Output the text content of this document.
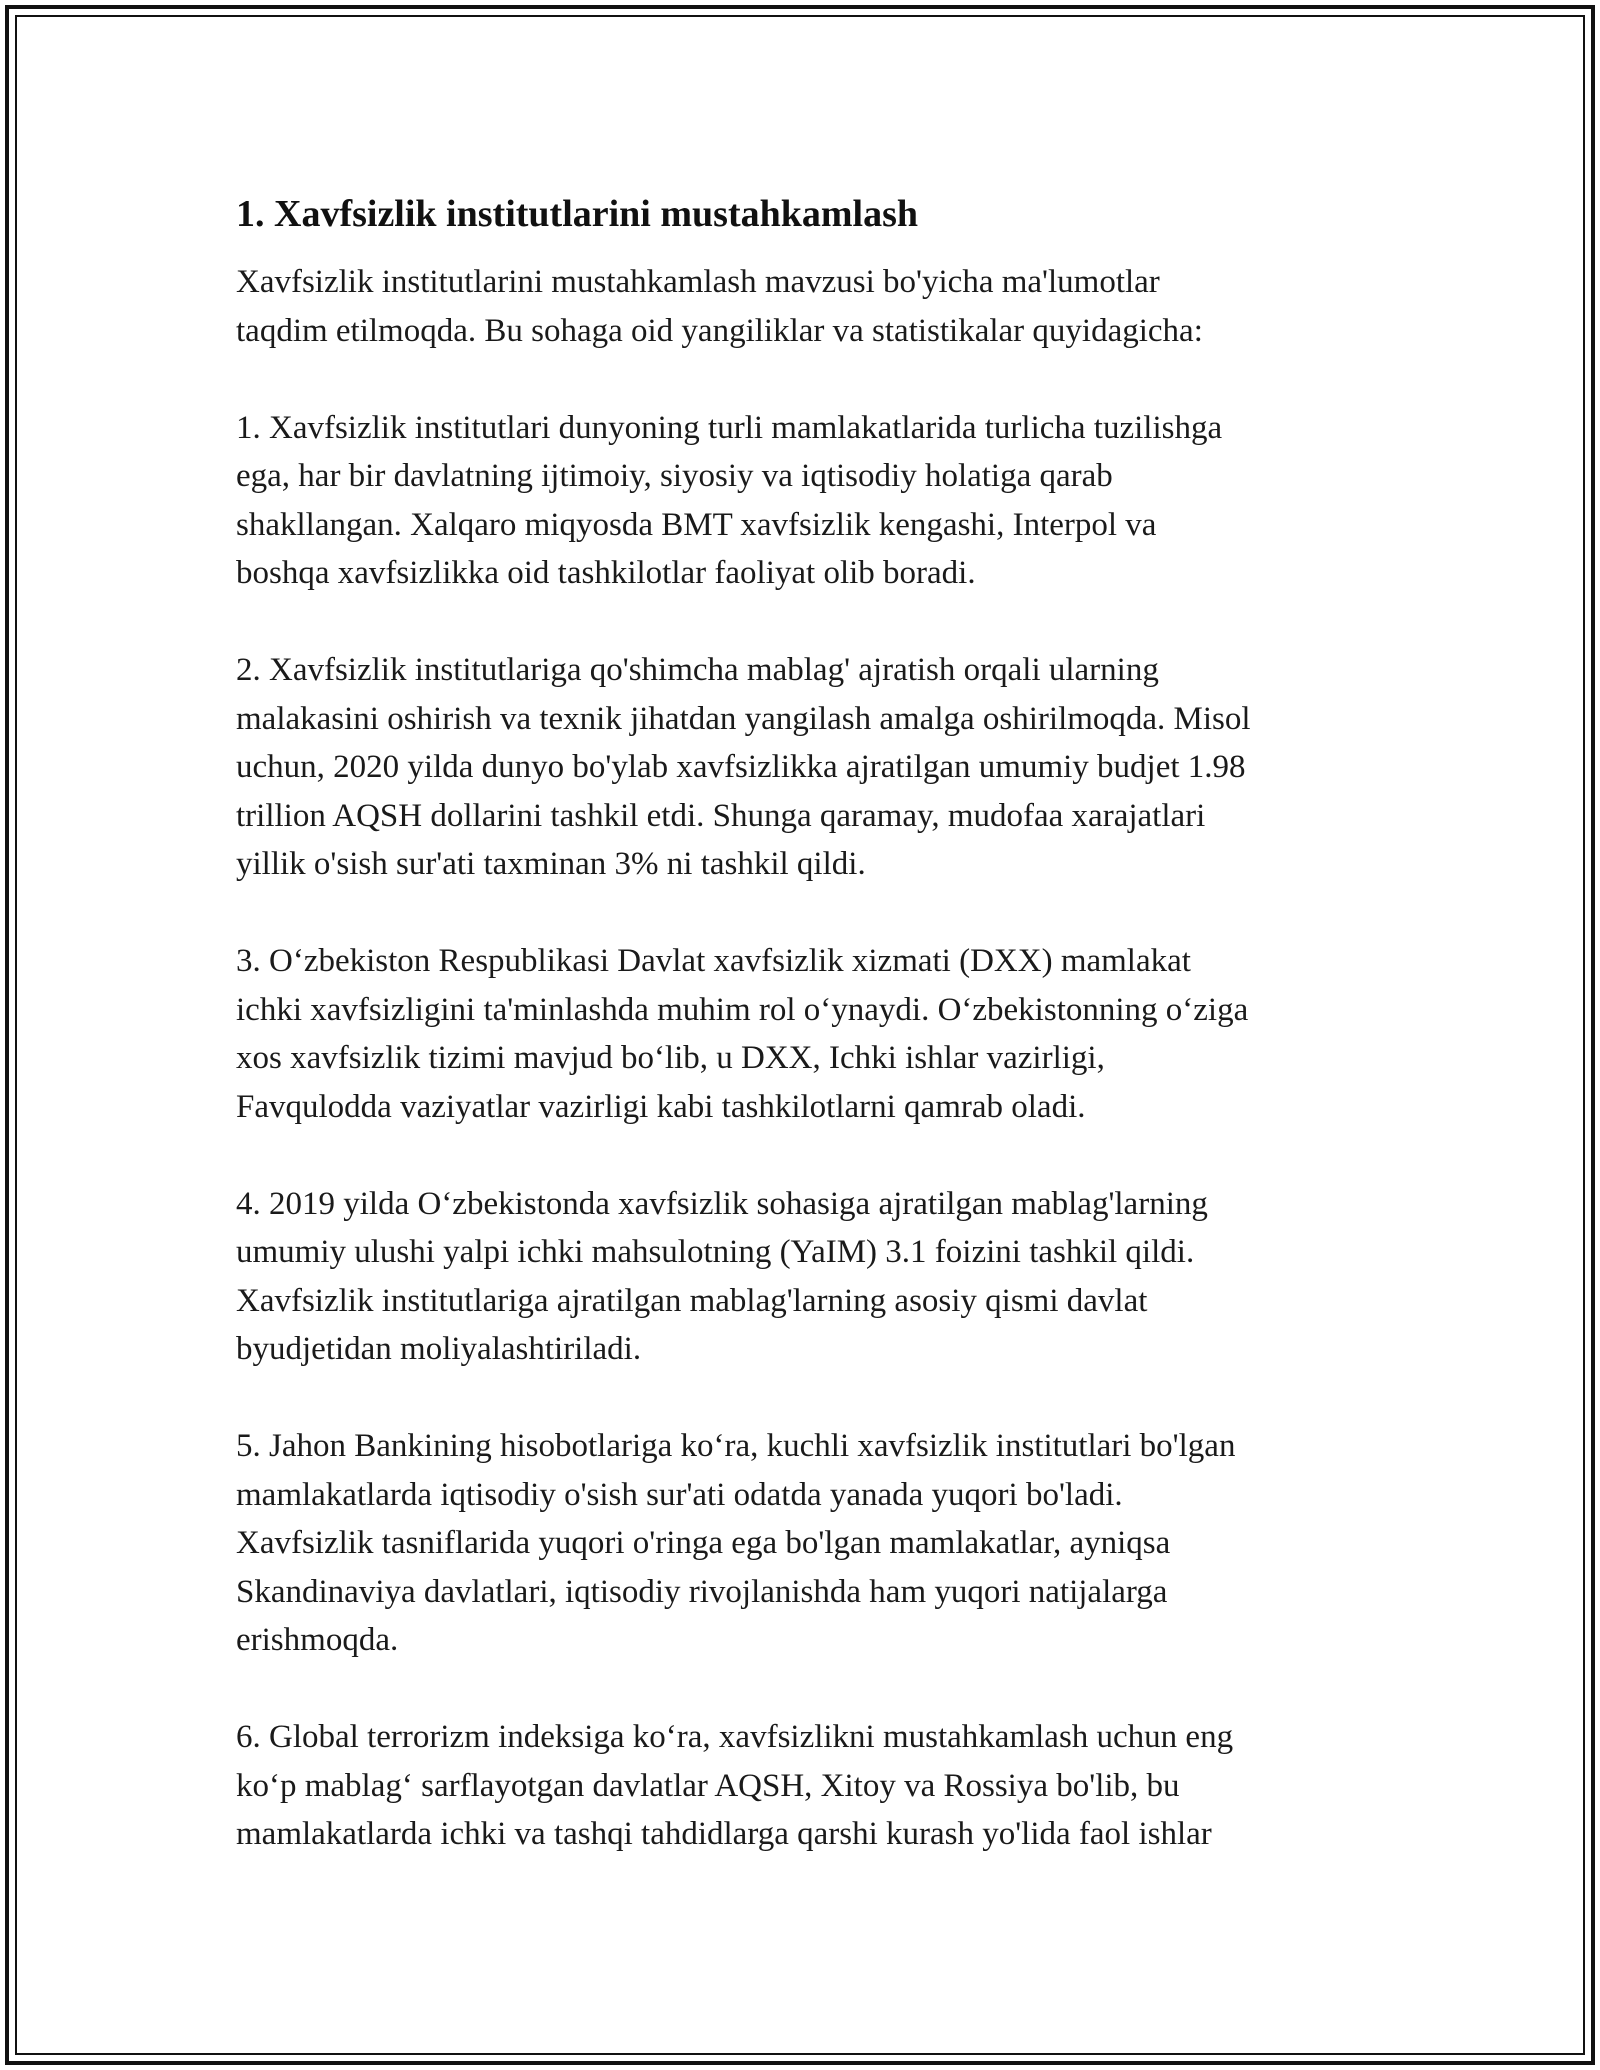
1. Xavfsizlik institutlarini mustahkamlash

Xavfsizlik institutlarini mustahkamlash mavzusi bo'yicha ma'lumotlar
taqdim etilmoqda. Bu sohaga oid yangiliklar va statistikalar quyidagicha:

1. Xavfsizlik institutlari dunyoning turli mamlakatlarida turlicha tuzilishga
ega, har bir davlatning ijtimoiy, siyosiy va iqtisodiy holatiga qarab
shakllangan. Xalqaro miqyosda BMT xavfsizlik kengashi, Interpol va
boshqa xavfsizlikka oid tashkilotlar faoliyat olib boradi.

2. Xavfsizlik institutlariga qo'shimcha mablag' ajratish orqali ularning
malakasini oshirish va texnik jihatdan yangilash amalga oshirilmoqda. Misol
uchun, 2020 yilda dunyo bo'ylab xavfsizlikka ajratilgan umumiy budjet 1.98
trillion AQSH dollarini tashkil etdi. Shunga qaramay, mudofaa xarajatlari
yillik o'sish sur'ati taxminan 3% ni tashkil qildi.

3. O‘zbekiston Respublikasi Davlat xavfsizlik xizmati (DXX) mamlakat
ichki xavfsizligini ta'minlashda muhim rol o‘ynaydi. O‘zbekistonning o‘ziga
xos xavfsizlik tizimi mavjud bo‘lib, u DXX, Ichki ishlar vazirligi,
Favqulodda vaziyatlar vazirligi kabi tashkilotlarni qamrab oladi.

4. 2019 yilda O‘zbekistonda xavfsizlik sohasiga ajratilgan mablag'larning
umumiy ulushi yalpi ichki mahsulotning (YaIM) 3.1 foizini tashkil qildi.
Xavfsizlik institutlariga ajratilgan mablag'larning asosiy qismi davlat
byudjetidan moliyalashtiriladi.

5. Jahon Bankining hisobotlariga ko‘ra, kuchli xavfsizlik institutlari bo'lgan
mamlakatlarda iqtisodiy o'sish sur'ati odatda yanada yuqori bo'ladi.
Xavfsizlik tasniflarida yuqori o'ringa ega bo'lgan mamlakatlar, ayniqsa
Skandinaviya davlatlari, iqtisodiy rivojlanishda ham yuqori natijalarga
erishmoqda.

6. Global terrorizm indeksiga ko‘ra, xavfsizlikni mustahkamlash uchun eng
ko‘p mablag‘ sarflayotgan davlatlar AQSH, Xitoy va Rossiya bo'lib, bu
mamlakatlarda ichki va tashqi tahdidlarga qarshi kurash yo'lida faol ishlar
